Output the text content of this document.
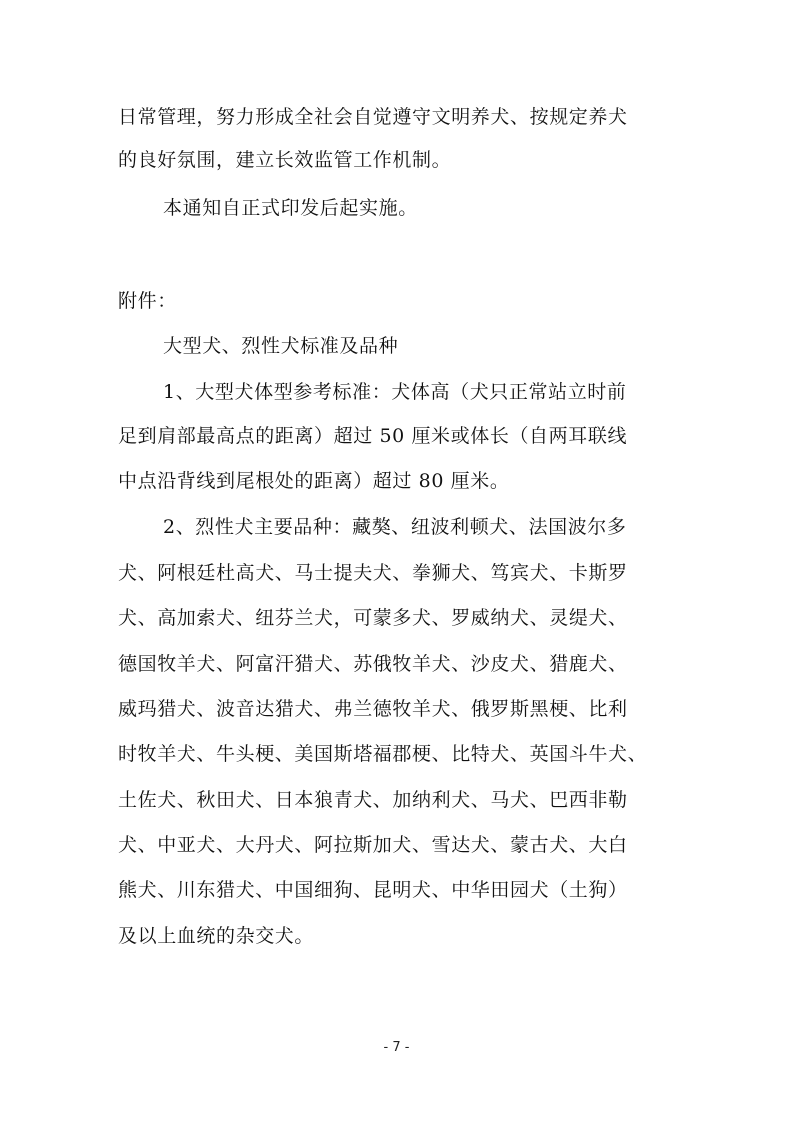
日常管理，努力形成全社会自觉遵守文明养犬、按规定养犬
的良好氛围，建立长效监管工作机制。
本通知自正式印发后起实施。
附件：
大型犬、烈性犬标准及品种
1、大型犬体型参考标准：犬体高（犬只正常站立时前
足到肩部最高点的距离）超过 50 厘米或体长（自两耳联线
中点沿背线到尾根处的距离）超过 80 厘米。
2、烈性犬主要品种：藏獒、纽波利顿犬、法国波尔多
犬、阿根廷杜高犬、马士提夫犬、拳狮犬、笃宾犬、卡斯罗
犬、高加索犬、纽芬兰犬，可蒙多犬、罗威纳犬、灵缇犬、
德国牧羊犬、阿富汗猎犬、苏俄牧羊犬、沙皮犬、猎鹿犬、
威玛猎犬、波音达猎犬、弗兰德牧羊犬、俄罗斯黑梗、比利
时牧羊犬、牛头梗、美国斯塔福郡梗、比特犬、英国斗牛犬、
土佐犬、秋田犬、日本狼青犬、加纳利犬、马犬、巴西非勒
犬、中亚犬、大丹犬、阿拉斯加犬、雪达犬、蒙古犬、大白
熊犬、川东猎犬、中国细狗、昆明犬、中华田园犬（土狗）
及以上血统的杂交犬。
- 7 -
